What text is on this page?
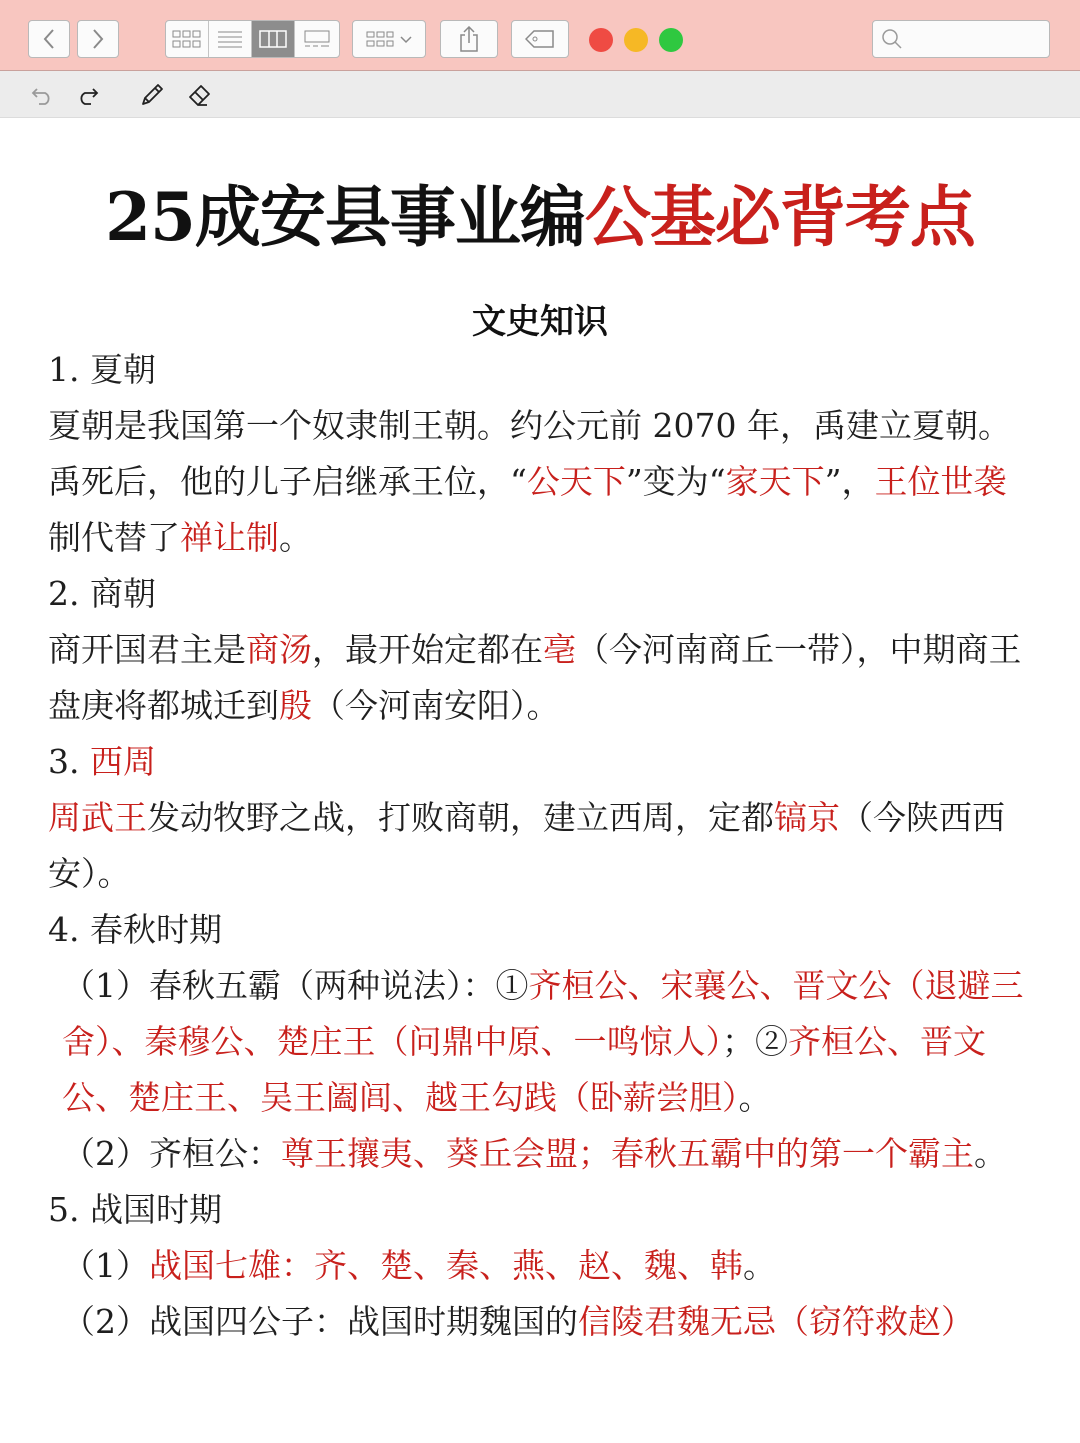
25成安县事业编公基必背考点
文史知识

1. 夏朝

夏朝是我国第一个奴隶制王朝。约公元前 2070 年，禹建立夏朝。禹死后，他的儿子启继承王位，“公天下”变为“家天下”，王位世袭制代替了禅让制。

2. 商朝

商开国君主是商汤，最开始定都在亳（今河南商丘一带），中期商王盘庚将都城迁到殷（今河南安阳）。

3. 西周

周武王发动牧野之战，打败商朝，建立西周，定都镐京（今陕西西安）。

4. 春秋时期

（1）春秋五霸（两种说法）：①齐桓公、宋襄公、晋文公（退避三舍）、秦穆公、楚庄王（问鼎中原、一鸣惊人）；②齐桓公、晋文公、楚庄王、吴王阖闾、越王勾践（卧薪尝胆）。

（2）齐桓公：尊王攘夷、葵丘会盟；春秋五霸中的第一个霸主。

5. 战国时期

（1）战国七雄：齐、楚、秦、燕、赵、魏、韩。

（2）战国四公子：战国时期魏国的信陵君魏无忌（窃符救赵）
